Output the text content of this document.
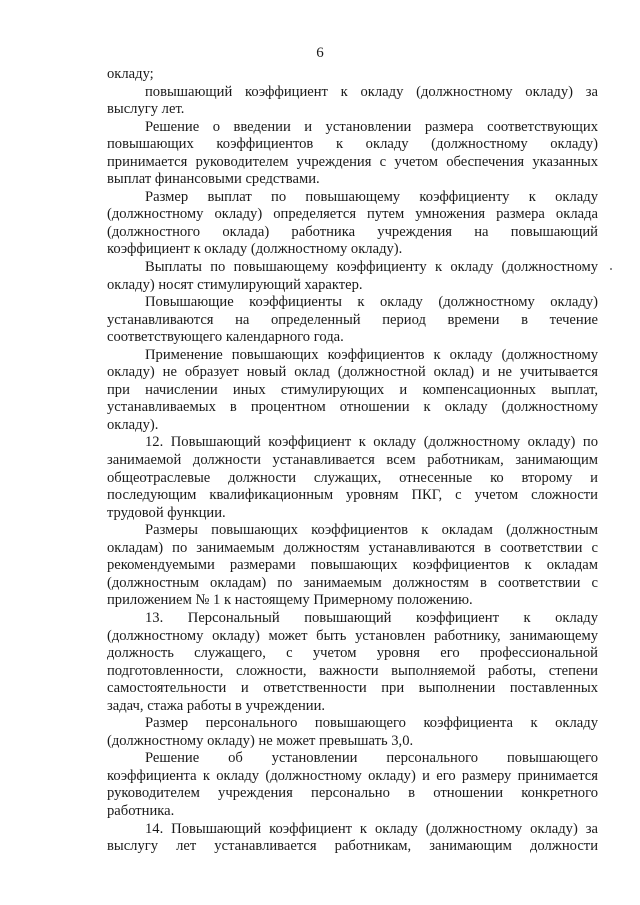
6
окладу;
повышающий коэффициент к окладу (должностному окладу) за
выслугу лет.
Решение о введении и установлении размера соответствующих
повышающих коэффициентов к окладу (должностному окладу)
принимается руководителем учреждения с учетом обеспечения указанных
выплат финансовыми средствами.
Размер выплат по повышающему коэффициенту к окладу
(должностному окладу) определяется путем умножения размера оклада
(должностного оклада) работника учреждения на повышающий
коэффициент к окладу (должностному окладу).
Выплаты по повышающему коэффициенту к окладу (должностному
окладу) носят стимулирующий характер.
Повышающие коэффициенты к окладу (должностному окладу)
устанавливаются на определенный период времени в течение
соответствующего календарного года.
Применение повышающих коэффициентов к окладу (должностному
окладу) не образует новый оклад (должностной оклад) и не учитывается
при начислении иных стимулирующих и компенсационных выплат,
устанавливаемых в процентном отношении к окладу (должностному
окладу).
12. Повышающий коэффициент к окладу (должностному окладу) по
занимаемой должности устанавливается всем работникам, занимающим
общеотраслевые должности служащих, отнесенные ко второму и
последующим квалификационным уровням ПКГ, с учетом сложности
трудовой функции.
Размеры повышающих коэффициентов к окладам (должностным
окладам) по занимаемым должностям устанавливаются в соответствии с
рекомендуемыми размерами повышающих коэффициентов к окладам
(должностным окладам) по занимаемым должностям в соответствии с
приложением № 1 к настоящему Примерному положению.
13. Персональный повышающий коэффициент к окладу
(должностному окладу) может быть установлен работнику, занимающему
должность служащего, с учетом уровня его профессиональной
подготовленности, сложности, важности выполняемой работы, степени
самостоятельности и ответственности при выполнении поставленных
задач, стажа работы в учреждении.
Размер персонального повышающего коэффициента к окладу
(должностному окладу) не может превышать 3,0.
Решение об установлении персонального повышающего
коэффициента к окладу (должностному окладу) и его размеру принимается
руководителем учреждения персонально в отношении конкретного
работника.
14. Повышающий коэффициент к окладу (должностному окладу) за
выслугу лет устанавливается работникам, занимающим должности
